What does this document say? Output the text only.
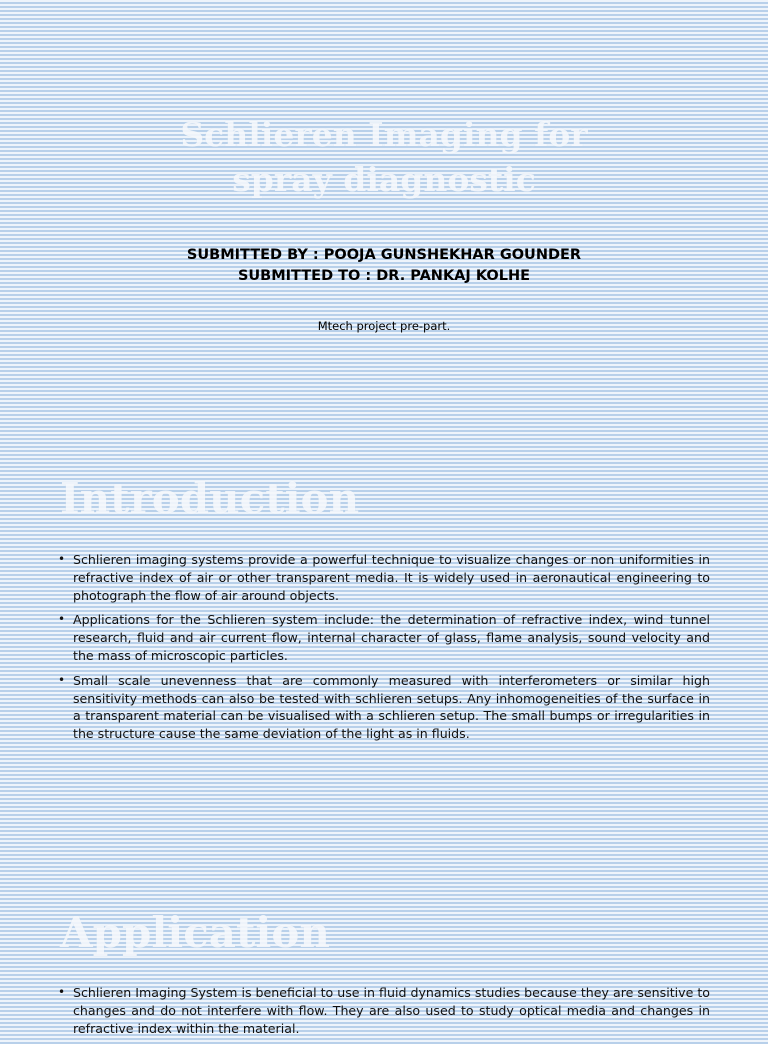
Schlieren Imaging for spray diagnostic
SUBMITTED BY : POOJA GUNSHEKHAR GOUNDER
SUBMITTED TO : DR. PANKAJ KOLHE
Mtech project pre-part.
Introduction
• Schlieren imaging systems provide a powerful technique to visualize changes or non uniformities in refractive index of air or other transparent media. It is widely used in aeronautical engineering to photograph the flow of air around objects.
• Applications for the Schlieren system include: the determination of refractive index, wind tunnel research, fluid and air current flow, internal character of glass, flame analysis, sound velocity and the mass of microscopic particles.
• Small scale unevenness that are commonly measured with interferometers or similar high sensitivity methods can also be tested with schlieren setups. Any inhomogeneities of the surface in a transparent material can be visualised with a schlieren setup. The small bumps or irregularities in the structure cause the same deviation of the light as in fluids.
Application
• Schlieren Imaging System is beneficial to use in fluid dynamics studies because they are sensitive to changes and do not interfere with flow. They are also used to study optical media and changes in refractive index within the material.
